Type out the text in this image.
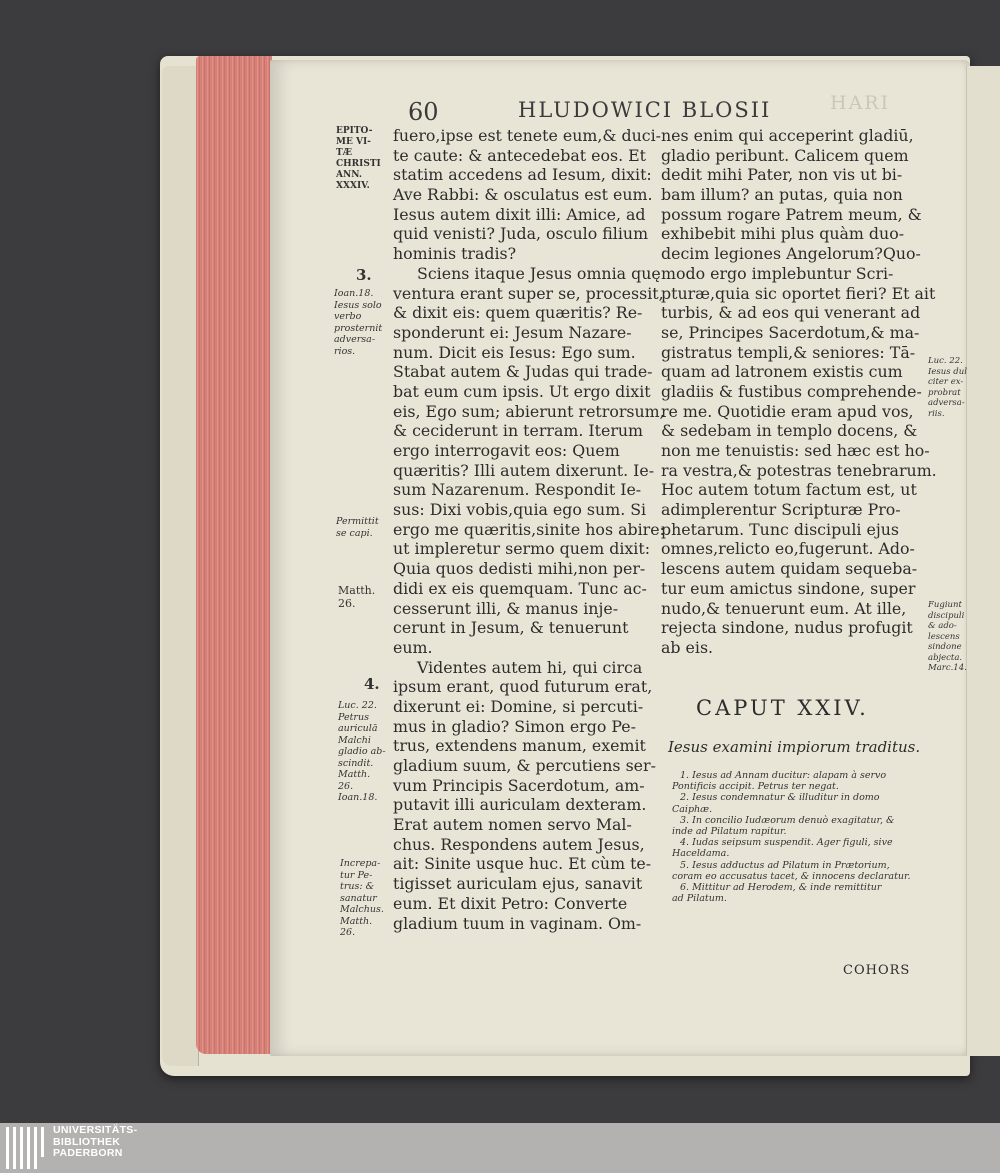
60	HLUDOWICI BLOSII	HARI
fuero,ipse est tenete eum,& duci-
te caute: & antecedebat eos. Et
statim accedens ad Iesum, dixit:
Ave Rabbi: & osculatus est eum.
Iesus autem dixit illi: Amice, ad
quid venisti? Juda, osculo filium
hominis tradis?
Sciens itaque Jesus omnia quę
ventura erant super se, processit,
& dixit eis: quem quæritis? Re-
sponderunt ei: Jesum Nazare-
num. Dicit eis Iesus: Ego sum.
Stabat autem & Judas qui trade-
bat eum cum ipsis. Ut ergo dixit
eis, Ego sum; abierunt retrorsum,
& ceciderunt in terram. Iterum
ergo interrogavit eos: Quem
quæritis? Illi autem dixerunt. Ie-
sum Nazarenum. Respondit Ie-
sus: Dixi vobis,quia ego sum. Si
ergo me quæritis,sinite hos abire:
ut impleretur sermo quem dixit:
Quia quos dedisti mihi,non per-
didi ex eis quemquam. Tunc ac-
cesserunt illi, & manus inje-
cerunt in Jesum, & tenuerunt
eum.
Videntes autem hi, qui circa
ipsum erant, quod futurum erat,
dixerunt ei: Domine, si percuti-
mus in gladio? Simon ergo Pe-
trus, extendens manum, exemit
gladium suum, & percutiens ser-
vum Principis Sacerdotum, am-
putavit illi auriculam dexteram.
Erat autem nomen servo Mal-
chus. Respondens autem Jesus,
ait: Sinite usque huc. Et cùm te-
tigisset auriculam ejus, sanavit
eum. Et dixit Petro: Converte
gladium tuum in vaginam. Om-
nes enim qui acceperint gladiū,
gladio peribunt. Calicem quem
dedit mihi Pater, non vis ut bi-
bam illum? an putas, quia non
possum rogare Patrem meum, &
exhibebit mihi plus quàm duo-
decim legiones Angelorum?Quo-
modo ergo implebuntur Scri-
pturæ,quia sic oportet fieri? Et ait
turbis, & ad eos qui venerant ad
se, Principes Sacerdotum,& ma-
gistratus templi,& seniores: Tā-
quam ad latronem existis cum
gladiis & fustibus comprehende-
re me. Quotidie eram apud vos,
& sedebam in templo docens, &
non me tenuistis: sed hæc est ho-
ra vestra,& potestras tenebrarum.
Hoc autem totum factum est, ut
adimplerentur Scripturæ Pro-
phetarum. Tunc discipuli ejus
omnes,relicto eo,fugerunt. Ado-
lescens autem quidam sequeba-
tur eum amictus sindone, super
nudo,& tenuerunt eum. At ille,
rejecta sindone, nudus profugit
ab eis.
EPITO-
ME VI-
TÆ
CHRISTI
ANN.
XXXIV.
3.
Ioan.18.
Iesus solo
verbo
prosternit
adversa-
rios.
Permittit
se capi.
Matth.
26.
4.
Luc. 22.
Petrus
auriculā
Malchi
gladio ab-
scindit.
Matth.
26.
Ioan.18.
Increpa-
tur Pe-
trus: &
sanatur
Malchus.
Matth.
26.
Luc. 22.
Iesus dul
citer ex-
probrat
adversa-
riis.
Fugiunt
discipuli
& ado-
lescens
sindone
abjecta.
Marc.14.
CAPUT XXIV.
Iesus examini impiorum traditus.
1. Iesus ad Annam ducitur: alapam à servo
Pontificis accipit. Petrus ter negat.
2. Iesus condemnatur & illuditur in domo
Caiphæ.
3. In concilio Iudæorum denuò exagitatur, &
inde ad Pilatum rapitur.
4. Iudas seipsum suspendit. Ager figuli, sive
Haceldama.
5. Iesus adductus ad Pilatum in Prætorium,
coram eo accusatus tacet, & innocens declaratur.
6. Mittitur ad Herodem, & inde remittitur
ad Pilatum.
COHORS
UNIVERSITÄTS-
BIBLIOTHEK
PADERBORN
